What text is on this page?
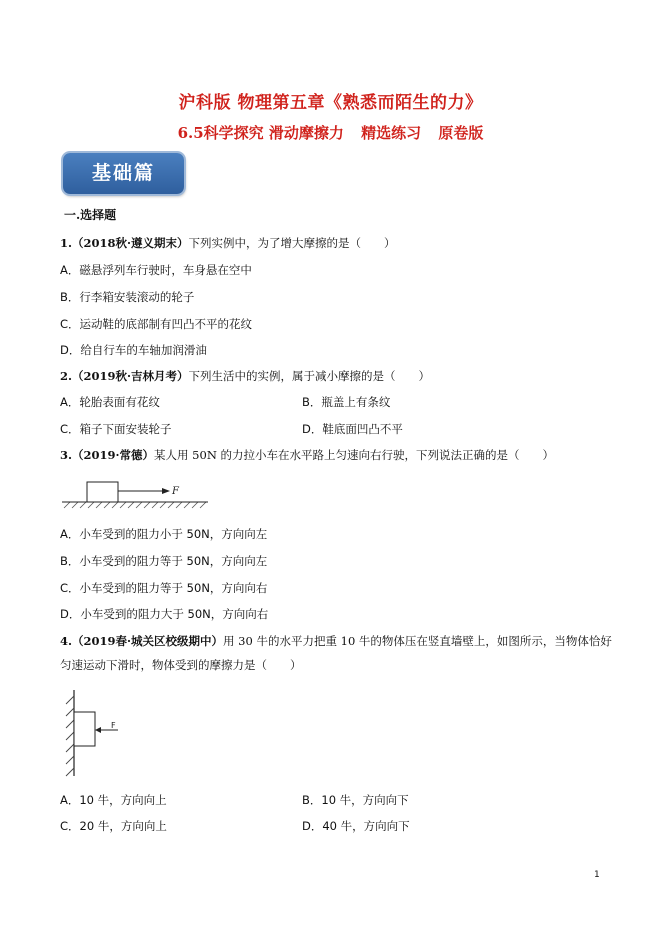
沪科版 物理第五章《熟悉而陌生的力》
6.5科学探究 滑动摩擦力 精选练习 原卷版
基础篇
一.选择题
1.（2018秋·遵义期末）下列实例中，为了增大摩擦的是（　　）
A．磁悬浮列车行驶时，车身悬在空中
B．行李箱安装滚动的轮子
C．运动鞋的底部制有凹凸不平的花纹
D．给自行车的车轴加润滑油
2.（2019秋·吉林月考）下列生活中的实例，属于减小摩擦的是（　　）
A．轮胎表面有花纹	B．瓶盖上有条纹
C．箱子下面安装轮子	D．鞋底面凹凸不平
3.（2019·常德）某人用 50N 的力拉小车在水平路上匀速向右行驶，下列说法正确的是（　　）
F
A．小车受到的阻力小于 50N，方向向左
B．小车受到的阻力等于 50N，方向向左
C．小车受到的阻力等于 50N，方向向右
D．小车受到的阻力大于 50N，方向向右
4.（2019春·城关区校级期中）用 30 牛的水平力把重 10 牛的物体压在竖直墙壁上，如图所示，当物体恰好
匀速运动下滑时，物体受到的摩擦力是（　　）
F
A．10 牛，方向向上	B．10 牛，方向向下
C．20 牛，方向向上	D．40 牛，方向向下
1
